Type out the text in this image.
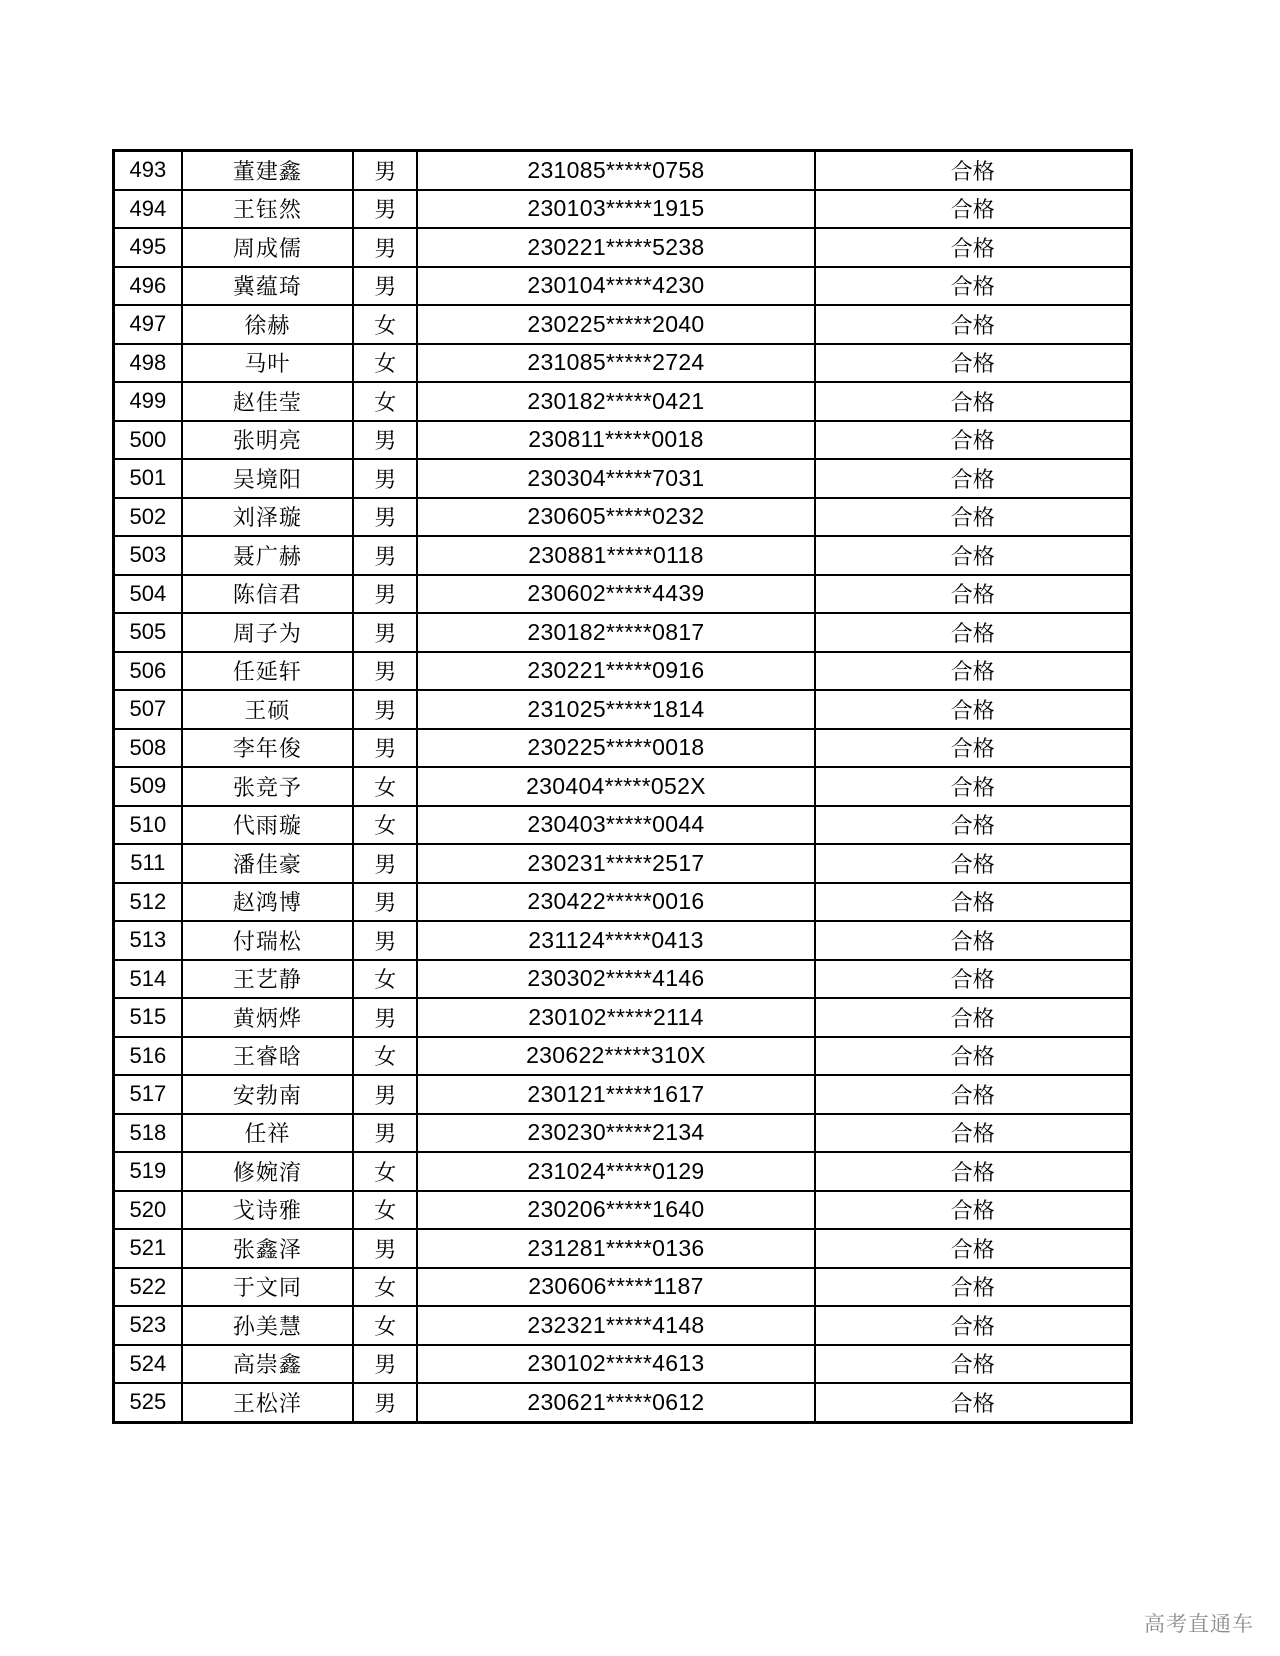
493	董建鑫	男	231085*****0758	合格
494	王钰然	男	230103*****1915	合格
495	周成儒	男	230221*****5238	合格
496	冀蕴琦	男	230104*****4230	合格
497	徐赫	女	230225*****2040	合格
498	马叶	女	231085*****2724	合格
499	赵佳莹	女	230182*****0421	合格
500	张明亮	男	230811*****0018	合格
501	吴境阳	男	230304*****7031	合格
502	刘泽璇	男	230605*****0232	合格
503	聂广赫	男	230881*****0118	合格
504	陈信君	男	230602*****4439	合格
505	周子为	男	230182*****0817	合格
506	任延轩	男	230221*****0916	合格
507	王硕	男	231025*****1814	合格
508	李年俊	男	230225*****0018	合格
509	张竞予	女	230404*****052X	合格
510	代雨璇	女	230403*****0044	合格
511	潘佳豪	男	230231*****2517	合格
512	赵鸿博	男	230422*****0016	合格
513	付瑞松	男	231124*****0413	合格
514	王艺静	女	230302*****4146	合格
515	黄炳烨	男	230102*****2114	合格
516	王睿晗	女	230622*****310X	合格
517	安勃南	男	230121*****1617	合格
518	任祥	男	230230*****2134	合格
519	修婉淯	女	231024*****0129	合格
520	戈诗雅	女	230206*****1640	合格
521	张鑫泽	男	231281*****0136	合格
522	于文同	女	230606*****1187	合格
523	孙美慧	女	232321*****4148	合格
524	高崇鑫	男	230102*****4613	合格
525	王松洋	男	230621*****0612	合格
高考直通车
